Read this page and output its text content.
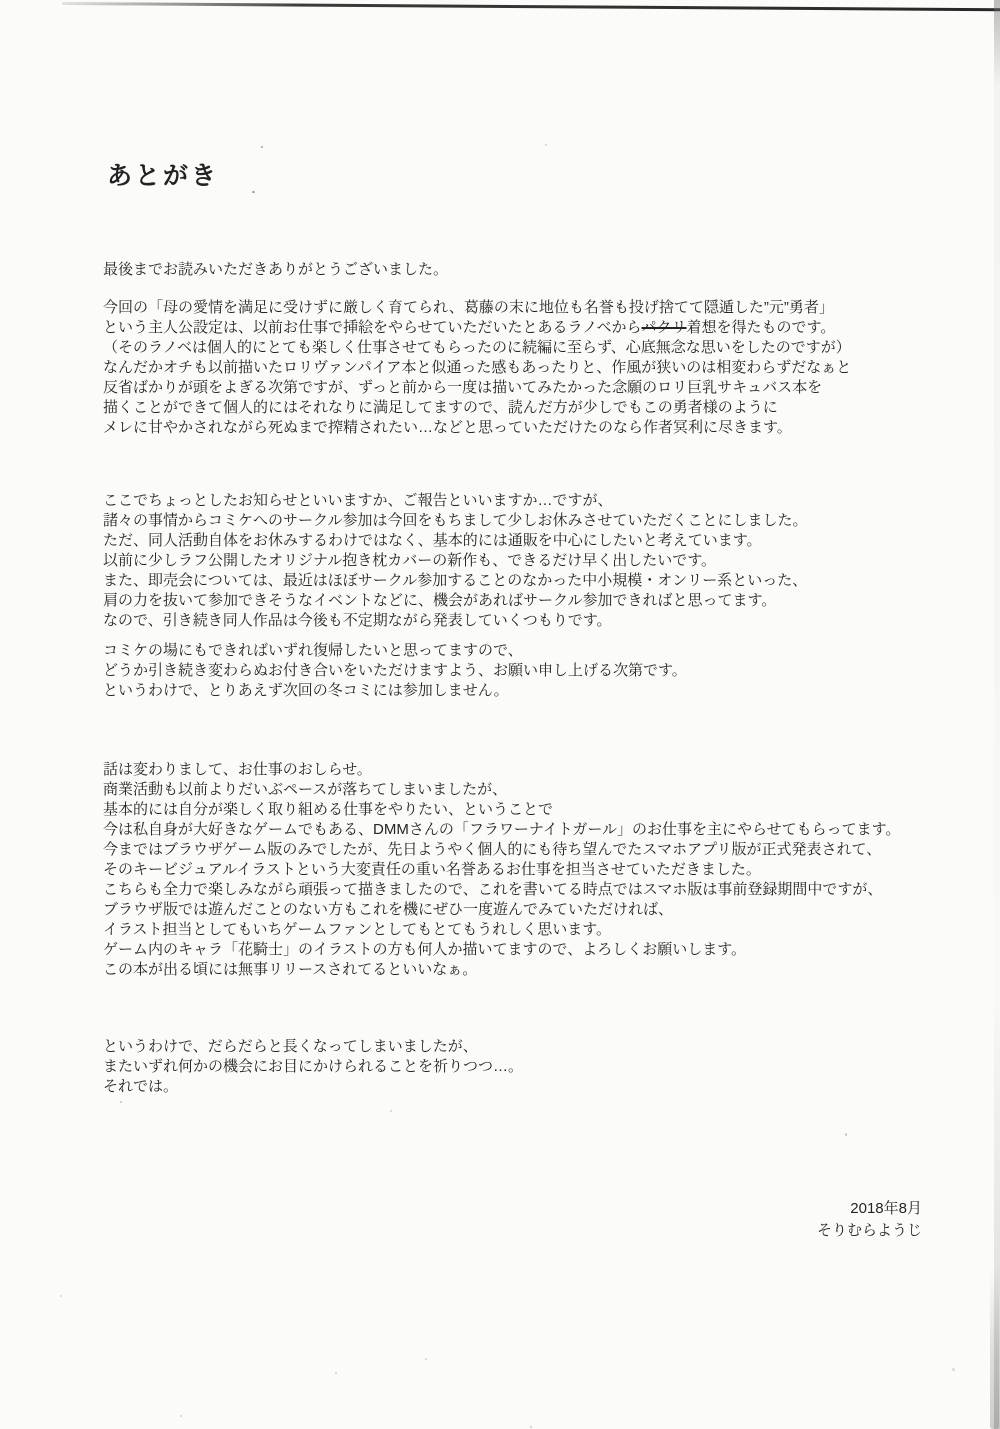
あとがき
最後までお読みいただきありがとうございました。
今回の「母の愛情を満足に受けずに厳しく育てられ、葛藤の末に地位も名誉も投げ捨てて隠遁した”元”勇者」
という主人公設定は、以前お仕事で挿絵をやらせていただいたとあるラノベからパクリ着想を得たものです。
（そのラノベは個人的にとても楽しく仕事させてもらったのに続編に至らず、心底無念な思いをしたのですが）
なんだかオチも以前描いたロリヴァンパイア本と似通った感もあったりと、作風が狭いのは相変わらずだなぁと
反省ばかりが頭をよぎる次第ですが、ずっと前から一度は描いてみたかった念願のロリ巨乳サキュバス本を
描くことができて個人的にはそれなりに満足してますので、読んだ方が少しでもこの勇者様のように
メレに甘やかされながら死ぬまで搾精されたい…などと思っていただけたのなら作者冥利に尽きます。
ここでちょっとしたお知らせといいますか、ご報告といいますか…ですが、
諸々の事情からコミケへのサークル参加は今回をもちまして少しお休みさせていただくことにしました。
ただ、同人活動自体をお休みするわけではなく、基本的には通販を中心にしたいと考えています。
以前に少しラフ公開したオリジナル抱き枕カバーの新作も、できるだけ早く出したいです。
また、即売会については、最近はほぼサークル参加することのなかった中小規模・オンリー系といった、
肩の力を抜いて参加できそうなイベントなどに、機会があればサークル参加できればと思ってます。
なので、引き続き同人作品は今後も不定期ながら発表していくつもりです。
コミケの場にもできればいずれ復帰したいと思ってますので、
どうか引き続き変わらぬお付き合いをいただけますよう、お願い申し上げる次第です。
というわけで、とりあえず次回の冬コミには参加しません。
話は変わりまして、お仕事のおしらせ。
商業活動も以前よりだいぶペースが落ちてしまいましたが、
基本的には自分が楽しく取り組める仕事をやりたい、ということで
今は私自身が大好きなゲームでもある、DMMさんの「フラワーナイトガール」のお仕事を主にやらせてもらってます。
今まではブラウザゲーム版のみでしたが、先日ようやく個人的にも待ち望んでたスマホアプリ版が正式発表されて、
そのキービジュアルイラストという大変責任の重い名誉あるお仕事を担当させていただきました。
こちらも全力で楽しみながら頑張って描きましたので、これを書いてる時点ではスマホ版は事前登録期間中ですが、
ブラウザ版では遊んだことのない方もこれを機にぜひ一度遊んでみていただければ、
イラスト担当としてもいちゲームファンとしてもとてもうれしく思います。
ゲーム内のキャラ「花騎士」のイラストの方も何人か描いてますので、よろしくお願いします。
この本が出る頃には無事リリースされてるといいなぁ。
というわけで、だらだらと長くなってしまいましたが、
またいずれ何かの機会にお目にかけられることを祈りつつ…。
それでは。
2018年8月
そりむらようじ
